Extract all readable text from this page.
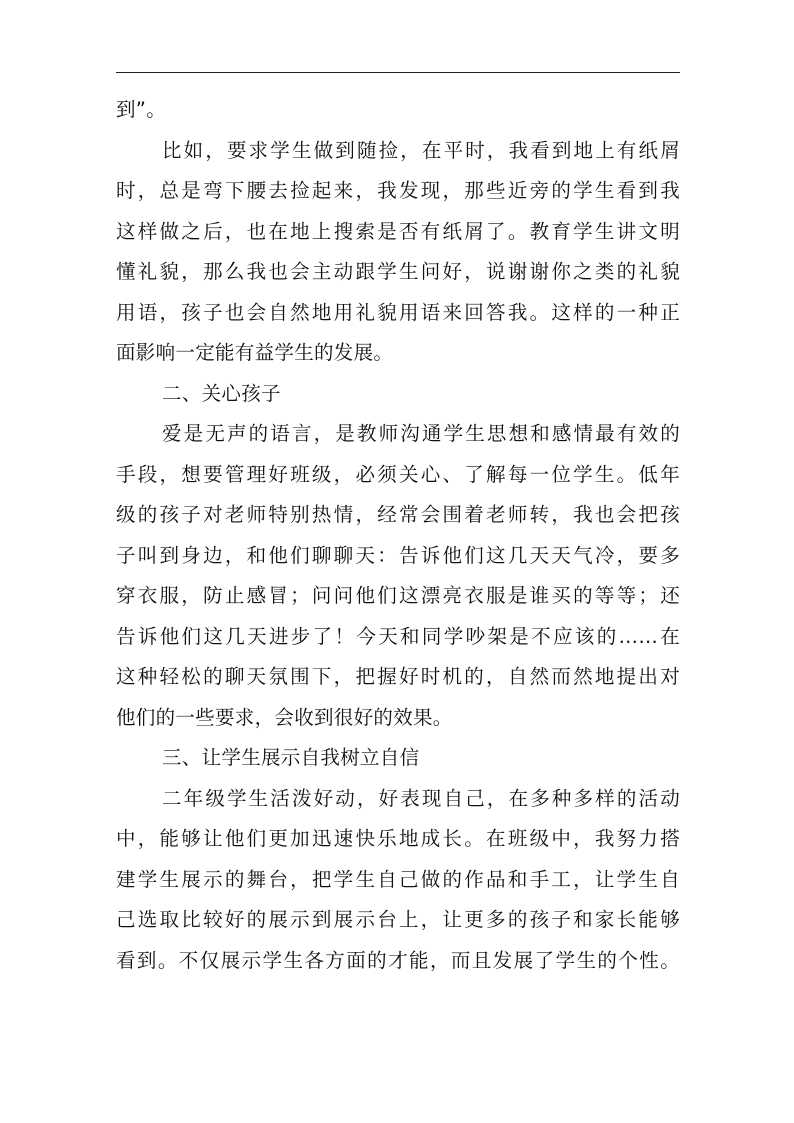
到”。
比如，要求学生做到随捡，在平时，我看到地上有纸屑
时，总是弯下腰去捡起来，我发现，那些近旁的学生看到我
这样做之后，也在地上搜索是否有纸屑了。教育学生讲文明
懂礼貌，那么我也会主动跟学生问好，说谢谢你之类的礼貌
用语，孩子也会自然地用礼貌用语来回答我。这样的一种正
面影响一定能有益学生的发展。
二、关心孩子
爱是无声的语言，是教师沟通学生思想和感情最有效的
手段，想要管理好班级，必须关心、了解每一位学生。低年
级的孩子对老师特别热情，经常会围着老师转，我也会把孩
子叫到身边，和他们聊聊天：告诉他们这几天天气冷，要多
穿衣服，防止感冒；问问他们这漂亮衣服是谁买的等等；还
告诉他们这几天进步了！今天和同学吵架是不应该的……在
这种轻松的聊天氛围下，把握好时机的，自然而然地提出对
他们的一些要求，会收到很好的效果。
三、让学生展示自我树立自信
二年级学生活泼好动，好表现自己，在多种多样的活动
中，能够让他们更加迅速快乐地成长。在班级中，我努力搭
建学生展示的舞台，把学生自己做的作品和手工，让学生自
己选取比较好的展示到展示台上，让更多的孩子和家长能够
看到。不仅展示学生各方面的才能，而且发展了学生的个性。
